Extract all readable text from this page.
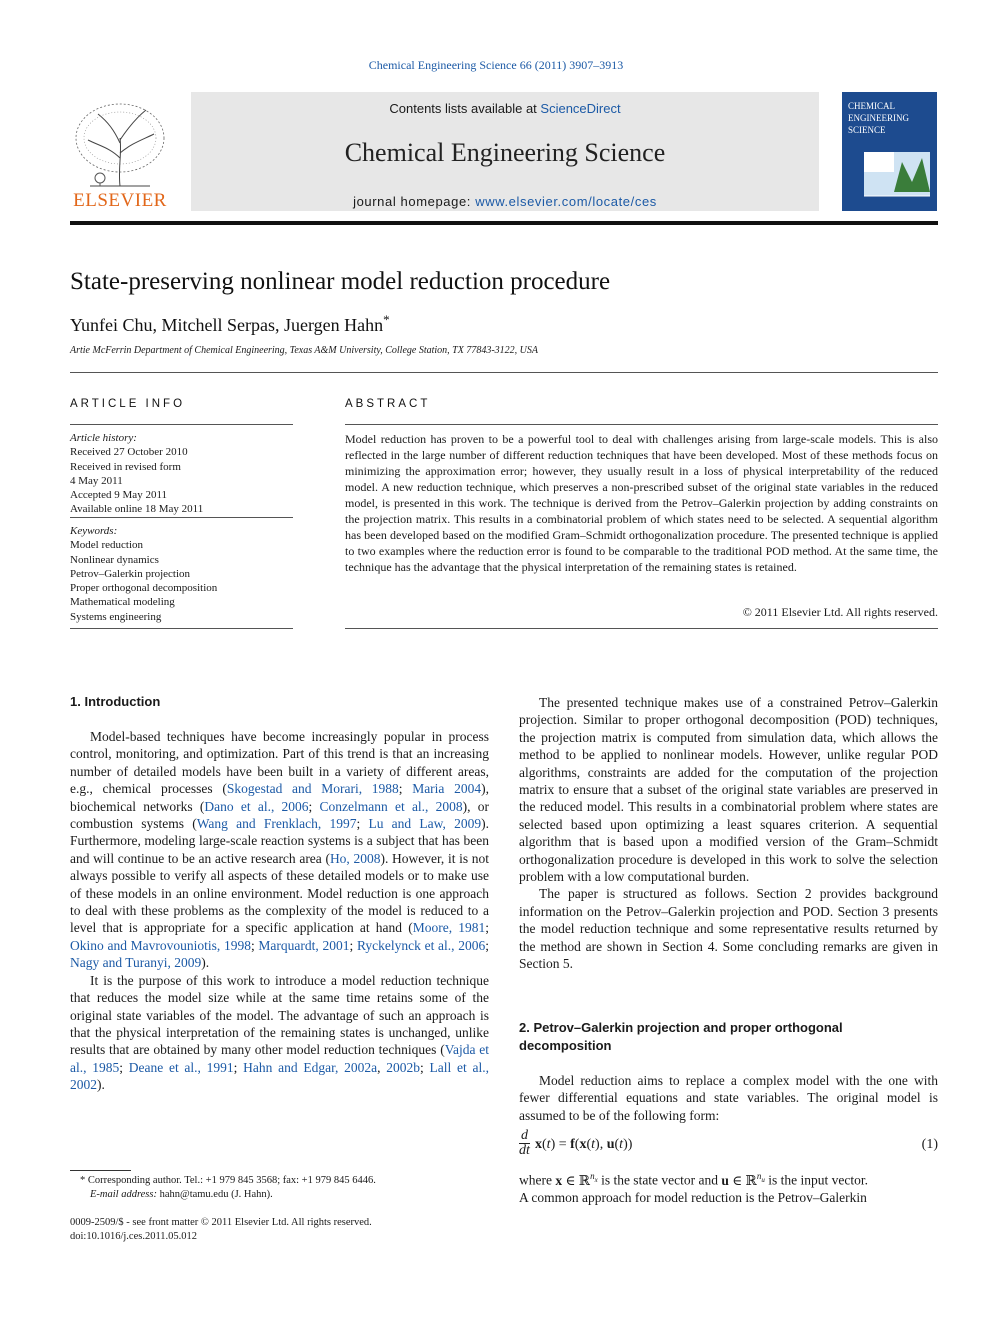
Chemical Engineering Science 66 (2011) 3907–3913
ELSEVIER
Contents lists available at ScienceDirect
Chemical Engineering Science
journal homepage: www.elsevier.com/locate/ces
CHEMICAL
ENGINEERING
SCIENCE
State-preserving nonlinear model reduction procedure
Yunfei Chu, Mitchell Serpas, Juergen Hahn*
Artie McFerrin Department of Chemical Engineering, Texas A&M University, College Station, TX 77843-3122, USA
ARTICLE INFO
Article history:
Received 27 October 2010
Received in revised form
4 May 2011
Accepted 9 May 2011
Available online 18 May 2011
Keywords:
Model reduction
Nonlinear dynamics
Petrov–Galerkin projection
Proper orthogonal decomposition
Mathematical modeling
Systems engineering
ABSTRACT
Model reduction has proven to be a powerful tool to deal with challenges arising from large-scale models. This is also reflected in the large number of different reduction techniques that have been developed. Most of these methods focus on minimizing the approximation error; however, they usually result in a loss of physical interpretability of the reduced model. A new reduction technique, which preserves a non-prescribed subset of the original state variables in the reduced model, is presented in this work. The technique is derived from the Petrov–Galerkin projection by adding constraints on the projection matrix. This results in a combinatorial problem of which states need to be selected. A sequential algorithm has been developed based on the modified Gram–Schmidt orthogonalization procedure. The presented technique is applied to two examples where the reduction error is found to be comparable to the traditional POD method. At the same time, the technique has the advantage that the physical interpretation of the remaining states is retained.
© 2011 Elsevier Ltd. All rights reserved.
1. Introduction

Model-based techniques have become increasingly popular in process control, monitoring, and optimization. Part of this trend is that an increasing number of detailed models have been built in a variety of different areas, e.g., chemical processes (Skogestad and Morari, 1988; Maria 2004), biochemical networks (Dano et al., 2006; Conzelmann et al., 2008), or combustion systems (Wang and Frenklach, 1997; Lu and Law, 2009). Furthermore, modeling large-scale reaction systems is a subject that has been and will continue to be an active research area (Ho, 2008). However, it is not always possible to verify all aspects of these detailed models or to make use of these models in an online environment. Model reduction is one approach to deal with these problems as the complexity of the model is reduced to a level that is appropriate for a specific application at hand (Moore, 1981; Okino and Mavrovouniotis, 1998; Marquardt, 2001; Ryckelynck et al., 2006; Nagy and Turanyi, 2009).

It is the purpose of this work to introduce a model reduction technique that reduces the model size while at the same time retains some of the original state variables of the model. The advantage of such an approach is that the physical interpretation of the remaining states is unchanged, unlike results that are obtained by many other model reduction techniques (Vajda et al., 1985; Deane et al., 1991; Hahn and Edgar, 2002a, 2002b; Lall et al., 2002).

* Corresponding author. Tel.: +1 979 845 3568; fax: +1 979 845 6446.
E-mail address: hahn@tamu.edu (J. Hahn).
0009-2509/$ - see front matter © 2011 Elsevier Ltd. All rights reserved.
doi:10.1016/j.ces.2011.05.012

The presented technique makes use of a constrained Petrov–Galerkin projection. Similar to proper orthogonal decomposition (POD) techniques, the projection matrix is computed from simulation data, which allows the method to be applied to nonlinear models. However, unlike regular POD algorithms, constraints are added for the computation of the projection matrix to ensure that a subset of the original state variables are preserved in the reduced model. This results in a combinatorial problem where states are selected based upon optimizing a least squares criterion. A sequential algorithm that is based upon a modified version of the Gram–Schmidt orthogonalization procedure is developed in this work to solve the selection problem with a low computational burden.

The paper is structured as follows. Section 2 provides background information on the Petrov–Galerkin projection and POD. Section 3 presents the model reduction technique and some representative results returned by the method are shown in Section 4. Some concluding remarks are given in Section 5.

2. Petrov–Galerkin projection and proper orthogonal
decomposition

Model reduction aims to replace a complex model with the one with fewer differential equations and state variables. The original model is assumed to be of the following form:

d
dt x(t) = f(x(t), u(t))	(1)
where x ∈ ℝ$^{n_x}$ is the state vector and u ∈ ℝ$^{n_u}$ is the input vector.
A common approach for model reduction is the Petrov–Galerkin
